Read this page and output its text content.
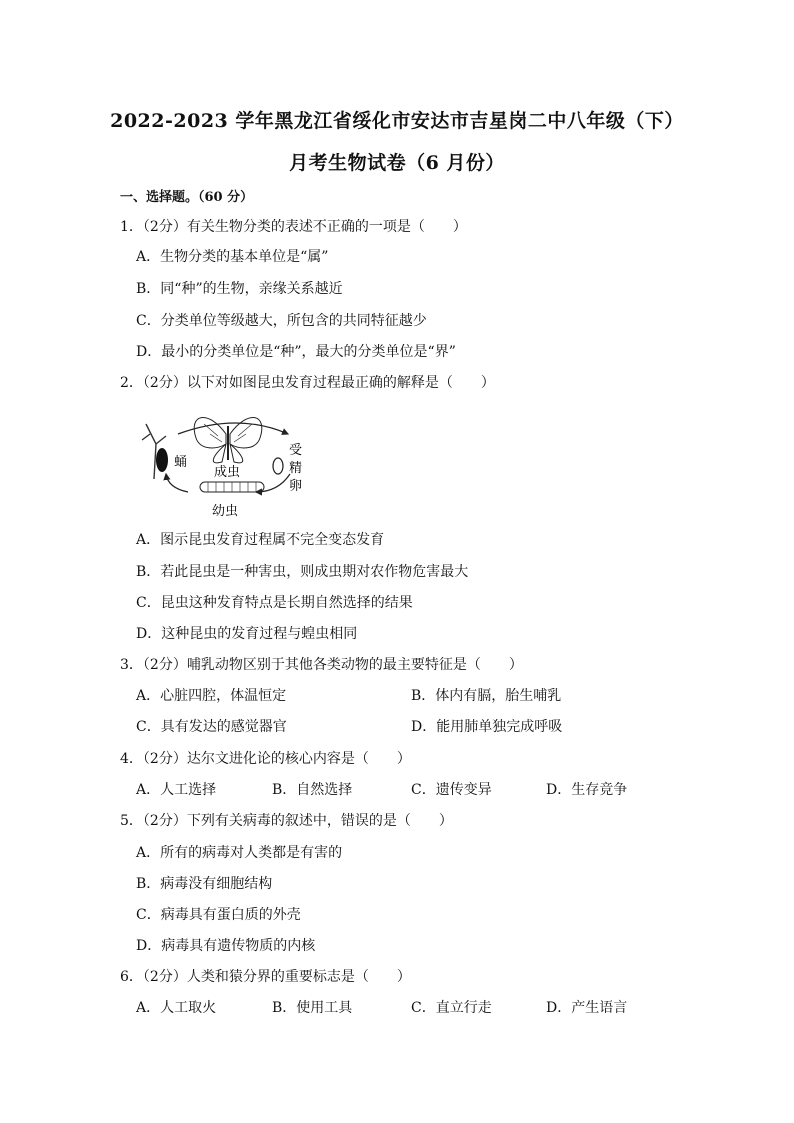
2022-2023 学年黑龙江省绥化市安达市吉星岗二中八年级（下）
月考生物试卷（6 月份）
一、选择题。（60 分）
1．（2分）有关生物分类的表述不正确的一项是（　　）
A．生物分类的基本单位是“属”
B．同“种”的生物，亲缘关系越近
C．分类单位等级越大，所包含的共同特征越少
D．最小的分类单位是“种”，最大的分类单位是“界”
2．（2分）以下对如图昆虫发育过程最正确的解释是（　　）
蛹
成虫
受
精
卵
幼虫
A．图示昆虫发育过程属不完全变态发育
B．若此昆虫是一种害虫，则成虫期对农作物危害最大
C．昆虫这种发育特点是长期自然选择的结果
D．这种昆虫的发育过程与蝗虫相同
3．（2分）哺乳动物区别于其他各类动物的最主要特征是（　　）
A．心脏四腔，体温恒定	B．体内有膈，胎生哺乳
C．具有发达的感觉器官	D．能用肺单独完成呼吸
4．（2分）达尔文进化论的核心内容是（　　）
A．人工选择	B．自然选择	C．遗传变异	D．生存竞争
5．（2分）下列有关病毒的叙述中，错误的是（　　）
A．所有的病毒对人类都是有害的
B．病毒没有细胞结构
C．病毒具有蛋白质的外壳
D．病毒具有遗传物质的内核
6．（2分）人类和猿分界的重要标志是（　　）
A．人工取火	B．使用工具	C．直立行走	D．产生语言
